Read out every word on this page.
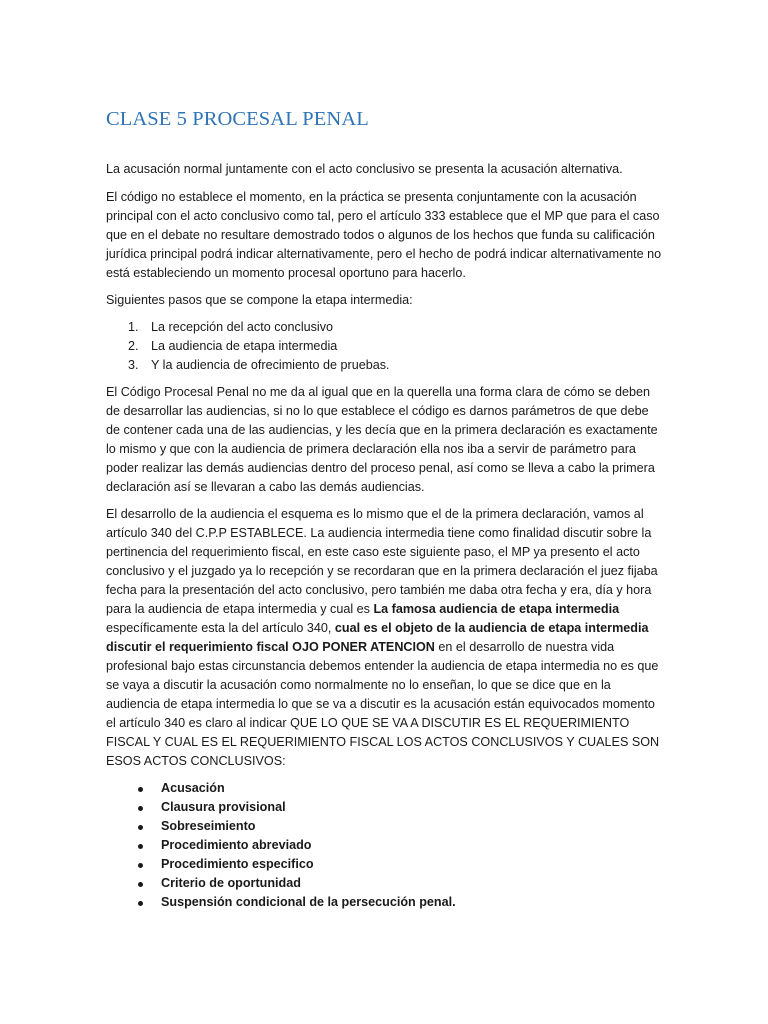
CLASE 5 PROCESAL PENAL

La acusación normal juntamente con el acto conclusivo se presenta la acusación alternativa.

El código no establece el momento, en la práctica se presenta conjuntamente con la acusación principal con el acto conclusivo como tal, pero el artículo 333 establece que el MP que para el caso que en el debate no resultare demostrado todos o algunos de los hechos que funda su calificación jurídica principal podrá indicar alternativamente, pero el hecho de podrá indicar alternativamente no está estableciendo un momento procesal oportuno para hacerlo.

Siguientes pasos que se compone la etapa intermedia:

1. La recepción del acto conclusivo
2. La audiencia de etapa intermedia
3. Y la audiencia de ofrecimiento de pruebas.

El Código Procesal Penal no me da al igual que en la querella una forma clara de cómo se deben de desarrollar las audiencias, si no lo que establece el código es darnos parámetros de que debe de contener cada una de las audiencias, y les decía que en la primera declaración es exactamente lo mismo y que con la audiencia de primera declaración ella nos iba a servir de parámetro para poder realizar las demás audiencias dentro del proceso penal, así como se lleva a cabo la primera declaración así se llevaran a cabo las demás audiencias.

El desarrollo de la audiencia el esquema es lo mismo que el de la primera declaración, vamos al artículo 340 del C.P.P ESTABLECE. La audiencia intermedia tiene como finalidad discutir sobre la pertinencia del requerimiento fiscal, en este caso este siguiente paso, el MP ya presento el acto conclusivo y el juzgado ya lo recepción y se recordaran que en la primera declaración el juez fijaba fecha para la presentación del acto conclusivo, pero también me daba otra fecha y era, día y hora para la audiencia de etapa intermedia y cual es La famosa audiencia de etapa intermedia específicamente esta la del artículo 340, cual es el objeto de la audiencia de etapa intermedia discutir el requerimiento fiscal OJO PONER ATENCION en el desarrollo de nuestra vida profesional bajo estas circunstancia debemos entender la audiencia de etapa intermedia no es que se vaya a discutir la acusación como normalmente no lo enseñan, lo que se dice que en la audiencia de etapa intermedia lo que se va a discutir es la acusación están equivocados momento el artículo 340 es claro al indicar QUE LO QUE SE VA A DISCUTIR ES EL REQUERIMIENTO FISCAL Y CUAL ES EL REQUERIMIENTO FISCAL LOS ACTOS CONCLUSIVOS Y CUALES SON ESOS ACTOS CONCLUSIVOS:

Acusación
Clausura provisional
Sobreseimiento
Procedimiento abreviado
Procedimiento especifico
Criterio de oportunidad
Suspensión condicional de la persecución penal.
